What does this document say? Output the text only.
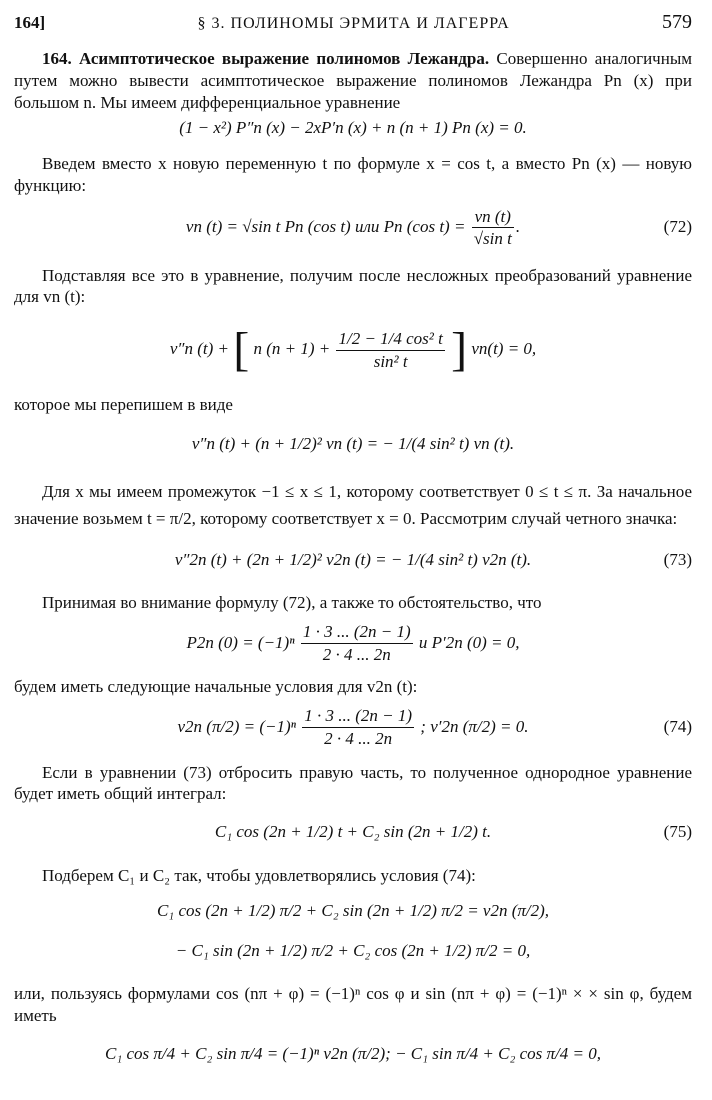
164]	§ 3. ПОЛИНОМЫ ЭРМИТА И ЛАГЕРРА	579

164. Асимптотическое выражение полиномов Лежандра. Совершенно аналогичным путем можно вывести асимптотическое выражение полиномов Лежандра Pn (x) при большом n. Мы имеем дифференциальное уравнение

(1 − x²) P″n (x) − 2xP′n (x) + n (n + 1) Pn (x) = 0.

Введем вместо x новую переменную t по формуле x = cos t, а вместо Pn (x) — новую функцию:

vn (t) = √sin t Pn (cos t) или Pn (cos $t) = \frac{vn (t)}{\text{√sin t}}$ .	(72)

Подставляя все это в уравнение, получим после несложных преобразований уравнение для vn (t):

v″n (t) + [ n $(n + 1) + \frac{\text{1/2 − 1/4 cos² t}}{\text{sin² t}}$ ] vn(t) = 0,

которое мы перепишем в виде

v″n (t) + (n + 1/2)² vn (t) = − 1/(4 sin² t) vn (t).

Для x мы имеем промежуток −1 ≤ x ≤ 1, которому соответствует 0 ≤ t ≤ π. За начальное значение возьмем t = π/2, которому соответствует x = 0. Рассмотрим случай четного значка:

v″2n (t) + (2n + 1/2)² v2n (t) = − 1/(4 sin² t) v2n (t).	(73)

Принимая во внимание формулу (72), а также то обстоятельство, что

P2n $(0) = (-1)^n \frac{1 \cdot 3 ... (2n - 1)}{2 \cdot 4 ... 2n}$ и P′2n (0) = 0,

будем иметь следующие начальные условия для v2n (t):

v2n $(\pi/2) = (-1)^n \frac{1 \cdot 3 ... (2n - 1)}{2 \cdot 4 ... 2n}$ ; v′2n (π/2) = 0.	(74)

Если в уравнении (73) отбросить правую часть, то полученное однородное уравнение будет иметь общий интеграл:

C₁ cos (2n + 1/2) t + C₂ sin (2n + 1/2) t.	(75)

Подберем C₁ и C₂ так, чтобы удовлетворялись условия (74):

C₁ cos (2n + 1/2) π/2 + C₂ sin (2n + 1/2) π/2 = v2n (π/2),
− C₁ sin (2n + 1/2) π/2 + C₂ cos (2n + 1/2) π/2 = 0,

или, пользуясь формулами cos (nπ + φ) = (−1)ⁿ cos φ и sin (nπ + φ) = (−1)ⁿ × × sin φ, будем иметь

C₁ cos π/4 + C₂ sin π/4 = (−1)ⁿ v2n (π/2); − C₁ sin π/4 + C₂ cos π/4 = 0,
